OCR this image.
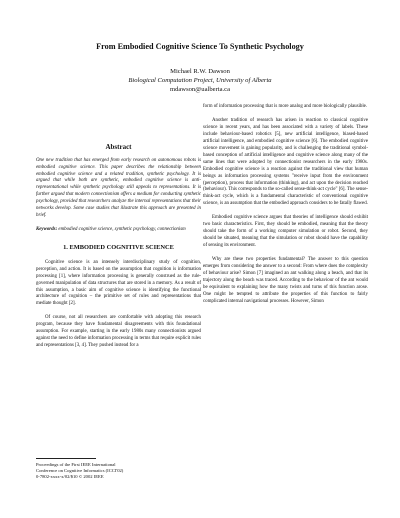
From Embodied Cognitive Science To Synthetic Psychology
Michael R.W. Dawson
Biological Computation Project, University of Alberta
mdawson@ualberta.ca
Abstract

One new tradition that has emerged from early research on autonomous robots is embodied cognitive science. This paper describes the relationship between embodied cognitive science and a related tradition, synthetic psychology. It is argued that while both are synthetic, embodied cognitive science is anti-representational while synthetic psychology still appeals to representations. It is further argued that modern connectionism offers a medium for conducting synthetic psychology, provided that researchers analyze the internal representations that their networks develop. Some case studies that illustrate this approach are presented in brief.

Keywords: embodied cognitive science, synthetic psychology, connectionism

1. EMBODIED COGNITIVE SCIENCE

Cognitive science is an intensely interdisciplinary study of cognition, perception, and action. It is based on the assumption that cognition is information processing [1], where information processing is generally construed as the rule-governed manipulation of data structures that are stored in a memory. As a result of this assumption, a basic aim of cognitive science is identifying the functional architecture of cognition – the primitive set of rules and representations that mediate thought [2].

Of course, not all researchers are comfortable with adopting this research program, because they have fundamental disagreements with this foundational assumption. For example, starting in the early 1980s many connectionists argued against the need to define information processing in terms that require explicit rules and representations [3, 4]. They pushed instead for a

form of information processing that is more analog and more biologically plausible.

Another tradition of research has arisen in reaction to classical cognitive science in recent years, and has been associated with a variety of labels. These include behaviour-based robotics [5], new artificial intelligence, biased-based artificial intelligence, and embodied cognitive science [6]. The embodied cognitive science movement is gaining popularity, and is challenging the traditional symbol-based conception of artificial intelligence and cognitive science along many of the same lines that were adopted by connectionist researchers in the early 1980s. Embodied cognitive science is a reaction against the traditional view that human beings as information processing systems "receive input from the environment (perception), process that information (thinking), and act upon the decision reached (behaviour). This corresponds to the so-called sense-think-act cycle" [6]. The sense-think-act cycle, which is a fundamental characteristic of conventional cognitive science, is an assumption that the embodied approach considers to be fatally flawed.

Embodied cognitive science argues that theories of intelligence should exhibit two basic characteristics. First, they should be embodied, meaning that the theory should take the form of a working computer simulation or robot. Second, they should be situated, meaning that the simulation or robot should have the capability of sensing its environment.

Why are these two properties fundamental? The answer to this question emerges from considering the answer to a second: From where does the complexity of behaviour arise? Simon [7] imagined an ant walking along a beach, and that its trajectory along the beach was traced. According to the behaviour of the ant would be equivalent to explaining how the many twists and turns of this function arose. One might be tempted to attribute the properties of this function to fairly complicated internal navigational processes. However, Simon

Proceedings of the First IEEE International
Conference on Cognitive Informatics (ICCI'02)
0-7802-xxxx-x/02/$10 © 2002 IEEE
